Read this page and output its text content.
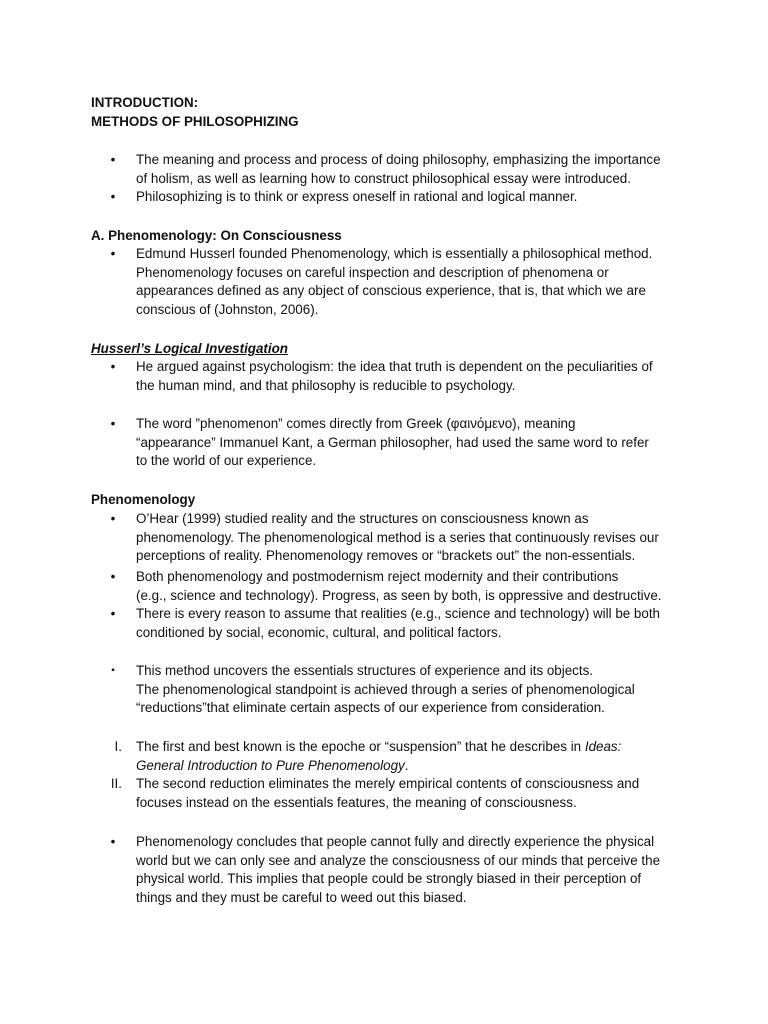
INTRODUCTION:
METHODS OF PHILOSOPHIZING
•	The meaning and process and process of doing philosophy, emphasizing the importance
of holism, as well as learning how to construct philosophical essay were introduced.
•	Philosophizing is to think or express oneself in rational and logical manner.
A. Phenomenology: On Consciousness
•	Edmund Husserl founded Phenomenology, which is essentially a philosophical method.
Phenomenology focuses on careful inspection and description of phenomena or
appearances defined as any object of conscious experience, that is, that which we are
conscious of (Johnston, 2006).
Husserl’s Logical Investigation
•	He argued against psychologism: the idea that truth is dependent on the peculiarities of
the human mind, and that philosophy is reducible to psychology.
•	The word ”phenomenon” comes directly from Greek (φαινόμενο), meaning
“appearance” Immanuel Kant, a German philosopher, had used the same word to refer
to the world of our experience.
Phenomenology
•	O’Hear (1999) studied reality and the structures on consciousness known as
phenomenology. The phenomenological method is a series that continuously revises our
perceptions of reality. Phenomenology removes or “brackets out” the non-essentials.
•	Both phenomenology and postmodernism reject modernity and their contributions
(e.g., science and technology). Progress, as seen by both, is oppressive and destructive.
•	There is every reason to assume that realities (e.g., science and technology) will be both
conditioned by social, economic, cultural, and political factors.
▪	This method uncovers the essentials structures of experience and its objects.
The phenomenological standpoint is achieved through a series of phenomenological
“reductions”that eliminate certain aspects of our experience from consideration.
I. The first and best known is the epoche or “suspension” that he describes in Ideas:
General Introduction to Pure Phenomenology.
II. The second reduction eliminates the merely empirical contents of consciousness and
focuses instead on the essentials features, the meaning of consciousness.
•	Phenomenology concludes that people cannot fully and directly experience the physical
world but we can only see and analyze the consciousness of our minds that perceive the
physical world. This implies that people could be strongly biased in their perception of
things and they must be careful to weed out this biased.
